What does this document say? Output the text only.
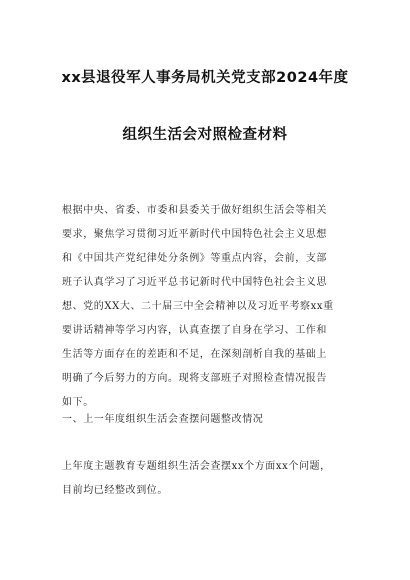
xx县退役军人事务局机关党支部2024年度
组织生活会对照检查材料
根据中央、省委、市委和县委关于做好组织生活会等相关
要求，聚焦学习贯彻习近平新时代中国特色社会主义思想
和《中国共产党纪律处分条例》等重点内容，会前，支部
班子认真学习了习近平总书记新时代中国特色社会主义思
想、党的XX大、二十届三中全会精神以及习近平考察xx重
要讲话精神等学习内容，认真查摆了自身在学习、工作和
生活等方面存在的差距和不足，在深刻剖析自我的基础上
明确了今后努力的方向。现将支部班子对照检查情况报告
如下。
一、上一年度组织生活会查摆问题整改情况
上年度主题教育专题组织生活会查摆xx个方面xx个问题，
目前均已经整改到位。
